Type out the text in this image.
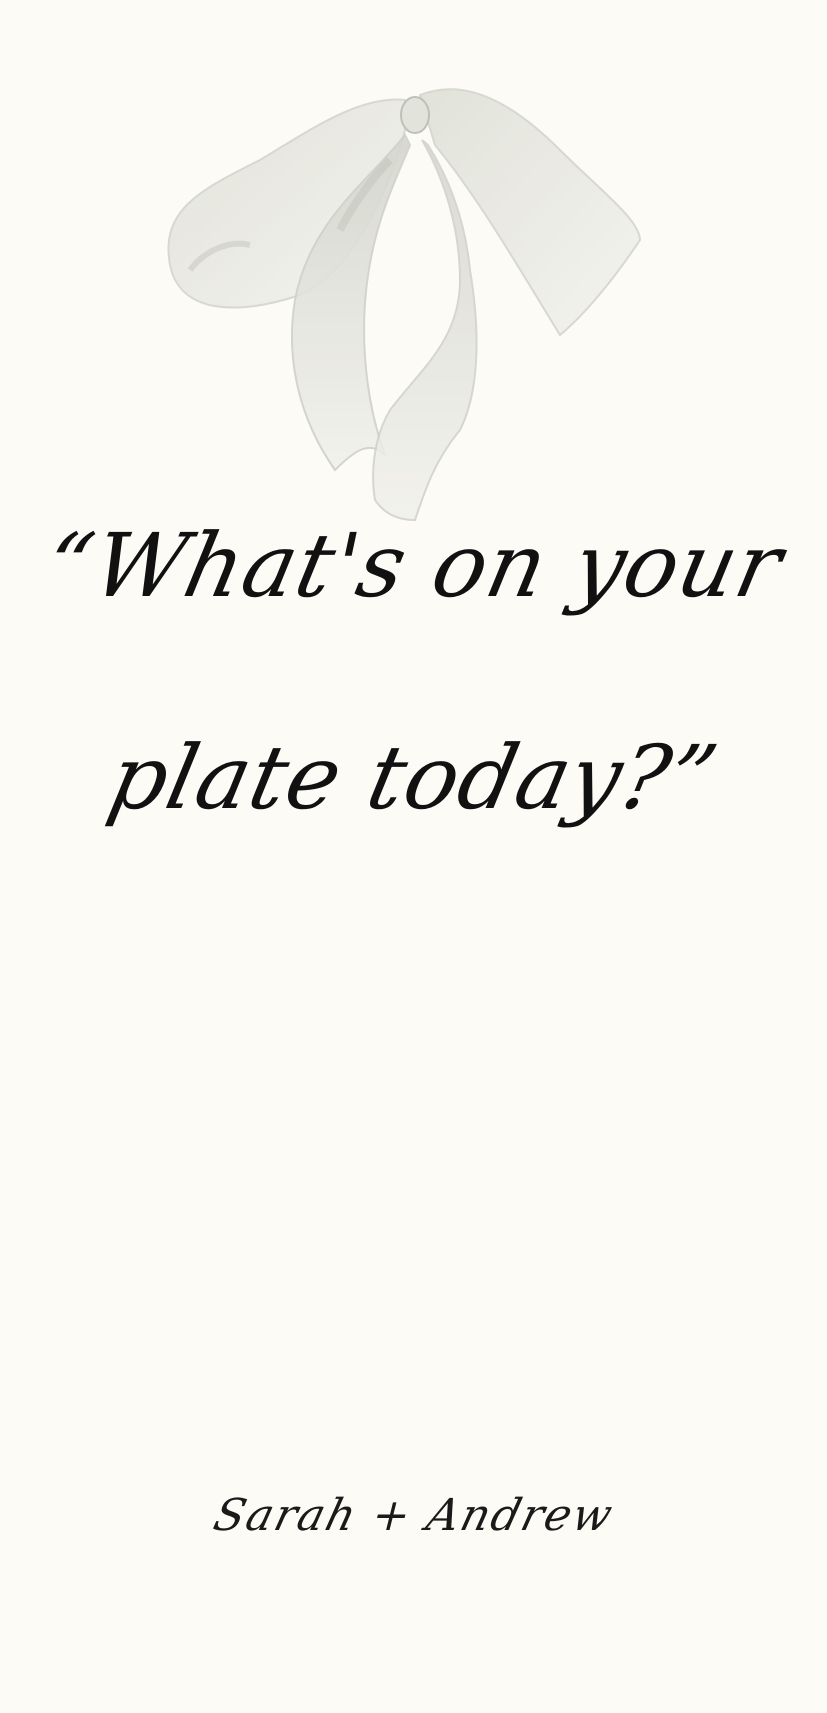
“What's on your
plate today?”
Sarah + Andrew
